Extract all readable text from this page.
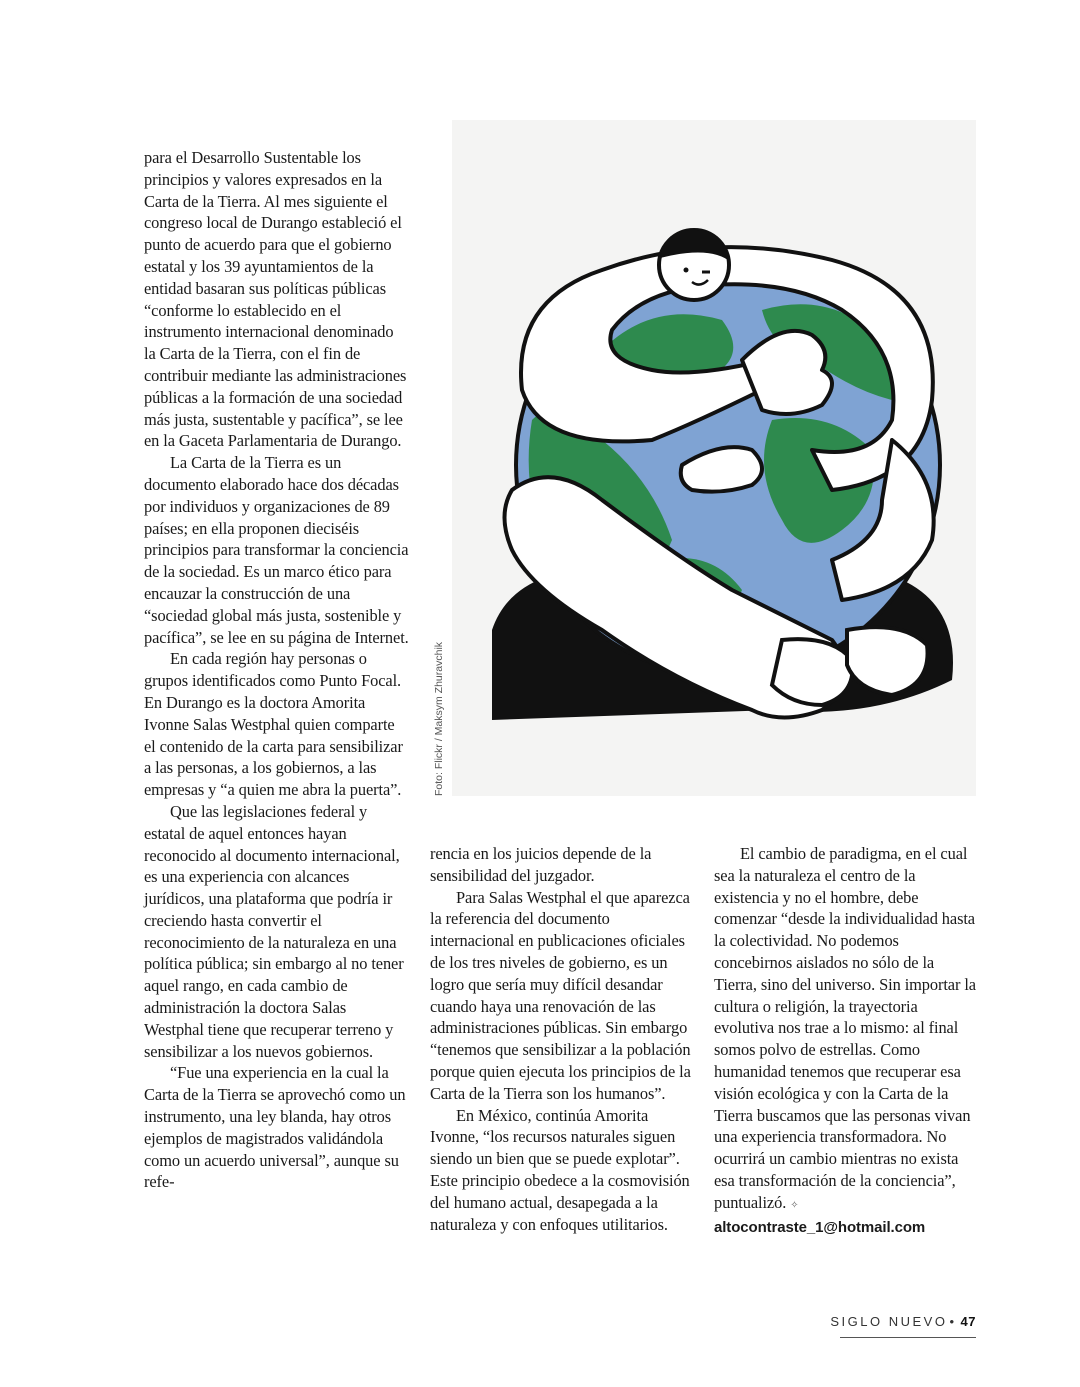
Foto: Flickr / Maksym Zhuravchik

para el Desarrollo Sustentable los principios y valores expresados en la Carta de la Tierra. Al mes siguiente el congreso local de Durango estableció el punto de acuerdo para que el gobierno estatal y los 39 ayuntamientos de la entidad basaran sus políticas públicas “conforme lo establecido en el instrumento internacional denominado la Carta de la Tierra, con el fin de contribuir mediante las administraciones públicas a la formación de una sociedad más justa, sustentable y pacífica”, se lee en la Gaceta Parlamentaria de Durango.

La Carta de la Tierra es un documento elaborado hace dos décadas por individuos y organizaciones de 89 países; en ella proponen dieciséis principios para transformar la conciencia de la sociedad. Es un marco ético para encauzar la construcción de una “sociedad global más justa, sostenible y pacífica”, se lee en su página de Internet.

En cada región hay personas o grupos identificados como Punto Focal. En Durango es la doctora Amorita Ivonne Salas Westphal quien comparte el contenido de la carta para sensibilizar a las personas, a los gobiernos, a las empresas y “a quien me abra la puerta”.

Que las legislaciones federal y estatal de aquel entonces hayan reconocido al documento internacional, es una experiencia con alcances jurídicos, una plataforma que podría ir creciendo hasta convertir el reconocimiento de la naturaleza en una política pública; sin embargo al no tener aquel rango, en cada cambio de administración la doctora Salas Westphal tiene que recuperar terreno y sensibilizar a los nuevos gobiernos.

“Fue una experiencia en la cual la Carta de la Tierra se aprovechó como un instrumento, una ley blanda, hay otros ejemplos de magistrados validándola como un acuerdo universal”, aunque su refe-

rencia en los juicios depende de la sensibilidad del juzgador.

Para Salas Westphal el que aparezca la referencia del documento internacional en publicaciones oficiales de los tres niveles de gobierno, es un logro que sería muy difícil desandar cuando haya una renovación de las administraciones públicas. Sin embargo “tenemos que sensibilizar a la población porque quien ejecuta los principios de la Carta de la Tierra son los humanos”.

En México, continúa Amorita Ivonne, “los recursos naturales siguen siendo un bien que se puede explotar”. Este principio obedece a la cosmovisión del humano actual, desapegada a la naturaleza y con enfoques utilitarios.

El cambio de paradigma, en el cual sea la naturaleza el centro de la existencia y no el hombre, debe comenzar “desde la individualidad hasta la colectividad. No podemos concebirnos aislados no sólo de la Tierra, sino del universo. Sin importar la cultura o religión, la trayectoria evolutiva nos trae a lo mismo: al final somos polvo de estrellas. Como humanidad tenemos que recuperar esa visión ecológica y con la Carta de la Tierra buscamos que las personas vivan una experiencia transformadora. No ocurrirá un cambio mientras no exista esa transformación de la conciencia”, puntualizó. ✧

altocontraste_1@hotmail.com

SIGLO NUEVO • 47
